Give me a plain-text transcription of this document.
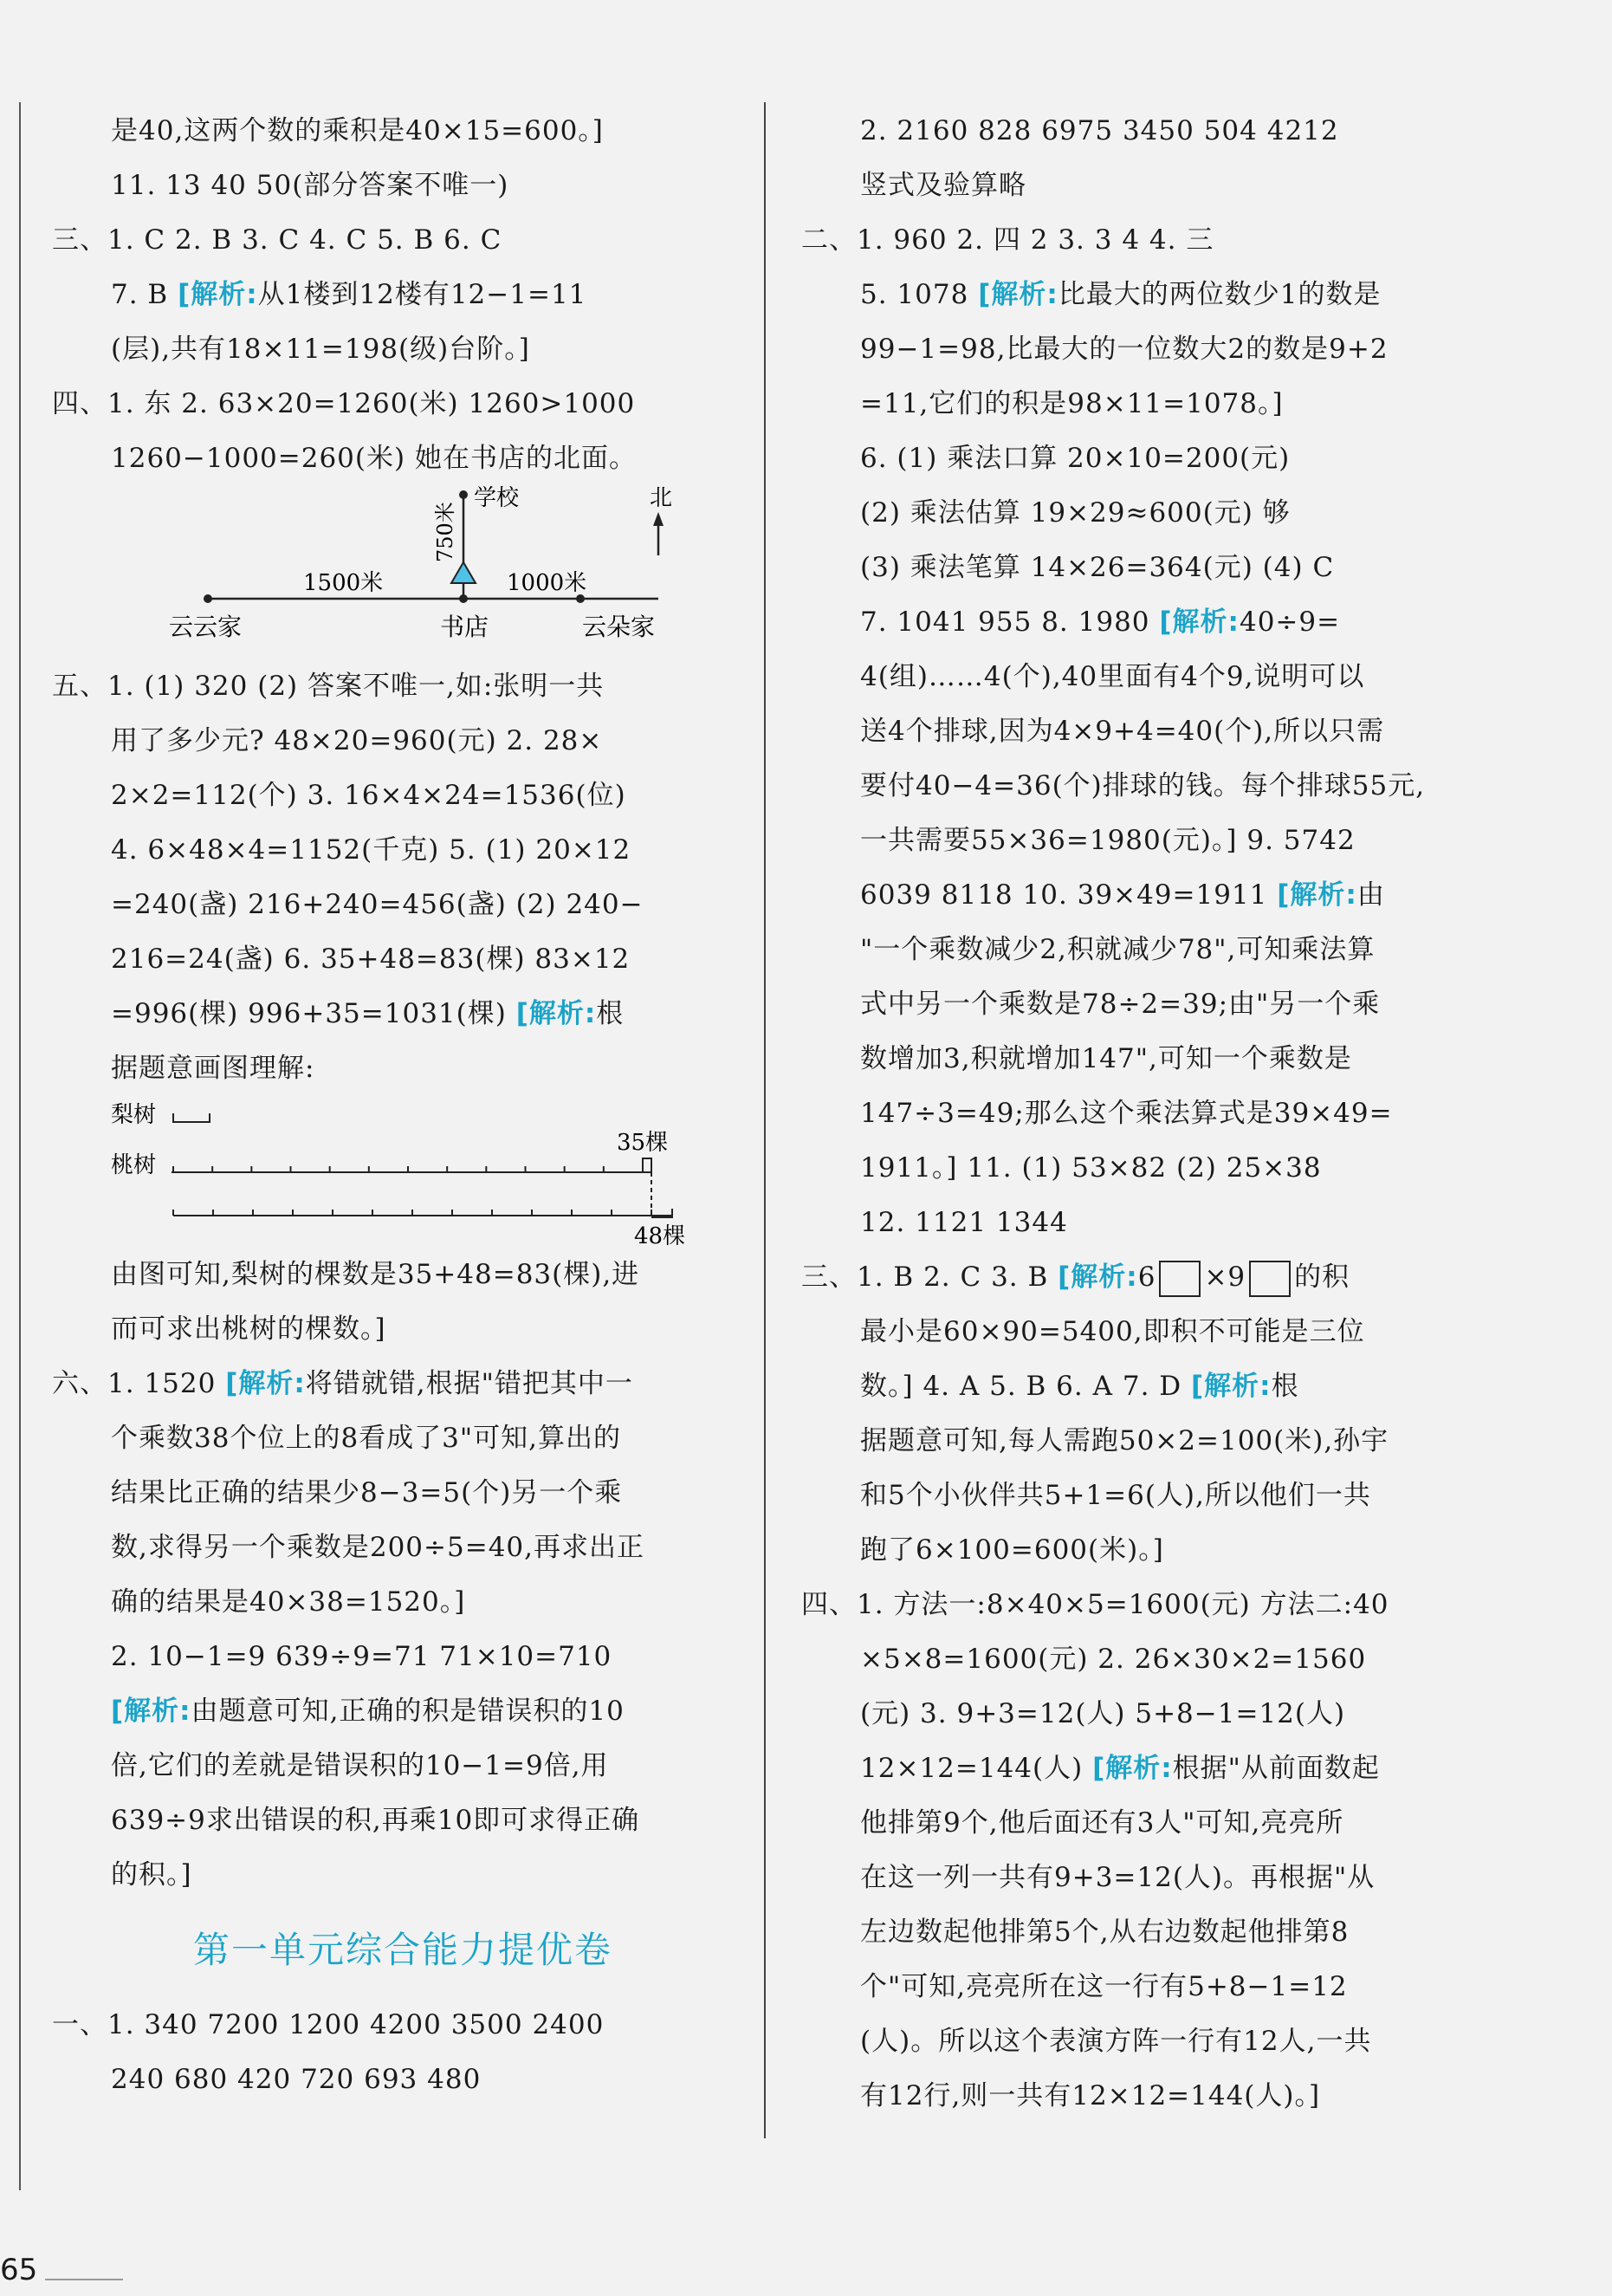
是40,这两个数的乘积是40×15=600。]
11. 13 40 50(部分答案不唯一)
三、1. C 2. B 3. C 4. C 5. B 6. C
7. B [解析:从1楼到12楼有12−1=11
(层),共有18×11=198(级)台阶。]
四、1. 东 2. 63×20=1260(米) 1260>1000
1260−1000=260(米) 她在书店的北面。
北
学校
750米
1500米	1000米
云云家	书店	云朵家
五、1. (1) 320 (2) 答案不唯一,如:张明一共
用了多少元? 48×20=960(元) 2. 28×
2×2=112(个) 3. 16×4×24=1536(位)
4. 6×48×4=1152(千克) 5. (1) 20×12
=240(盏) 216+240=456(盏) (2) 240−
216=24(盏) 6. 35+48=83(棵) 83×12
=996(棵) 996+35=1031(棵) [解析:根
据题意画图理解:
梨树
桃树
35棵
48棵
由图可知,梨树的棵数是35+48=83(棵),进
而可求出桃树的棵数。]
六、1. 1520 [解析:将错就错,根据"错把其中一
个乘数38个位上的8看成了3"可知,算出的
结果比正确的结果少8−3=5(个)另一个乘
数,求得另一个乘数是200÷5=40,再求出正
确的结果是40×38=1520。]
2. 10−1=9 639÷9=71 71×10=710
[解析:由题意可知,正确的积是错误积的10
倍,它们的差就是错误积的10−1=9倍,用
639÷9求出错误的积,再乘10即可求得正确
的积。]
第一单元综合能力提优卷
一、1. 340 7200 1200 4200 3500 2400
240 680 420 720 693 480
2. 2160 828 6975 3450 504 4212
竖式及验算略
二、1. 960 2. 四 2 3. 3 4 4. 三
5. 1078 [解析:比最大的两位数少1的数是
99−1=98,比最大的一位数大2的数是9+2
=11,它们的积是98×11=1078。]
6. (1) 乘法口算 20×10=200(元)
(2) 乘法估算 19×29≈600(元) 够
(3) 乘法笔算 14×26=364(元) (4) C
7. 1041 955 8. 1980 [解析:40÷9=
4(组)……4(个),40里面有4个9,说明可以
送4个排球,因为4×9+4=40(个),所以只需
要付40−4=36(个)排球的钱。每个排球55元,
一共需要55×36=1980(元)。] 9. 5742
6039 8118 10. 39×49=1911 [解析:由
"一个乘数减少2,积就减少78",可知乘法算
式中另一个乘数是78÷2=39;由"另一个乘
数增加3,积就增加147",可知一个乘数是
147÷3=49;那么这个乘法算式是39×49=
1911。] 11. (1) 53×82 (2) 25×38
12. 1121 1344
三、1. B 2. C 3. B [解析:6 ×9 的积
最小是60×90=5400,即积不可能是三位
数。] 4. A 5. B 6. A 7. D [解析:根
据题意可知,每人需跑50×2=100(米),孙宇
和5个小伙伴共5+1=6(人),所以他们一共
跑了6×100=600(米)。]
四、1. 方法一:8×40×5=1600(元) 方法二:40
×5×8=1600(元) 2. 26×30×2=1560
(元) 3. 9+3=12(人) 5+8−1=12(人)
12×12=144(人) [解析:根据"从前面数起
他排第9个,他后面还有3人"可知,亮亮所
在这一列一共有9+3=12(人)。再根据"从
左边数起他排第5个,从右边数起他排第8
个"可知,亮亮所在这一行有5+8−1=12
(人)。所以这个表演方阵一行有12人,一共
有12行,则一共有12×12=144(人)。]
65
